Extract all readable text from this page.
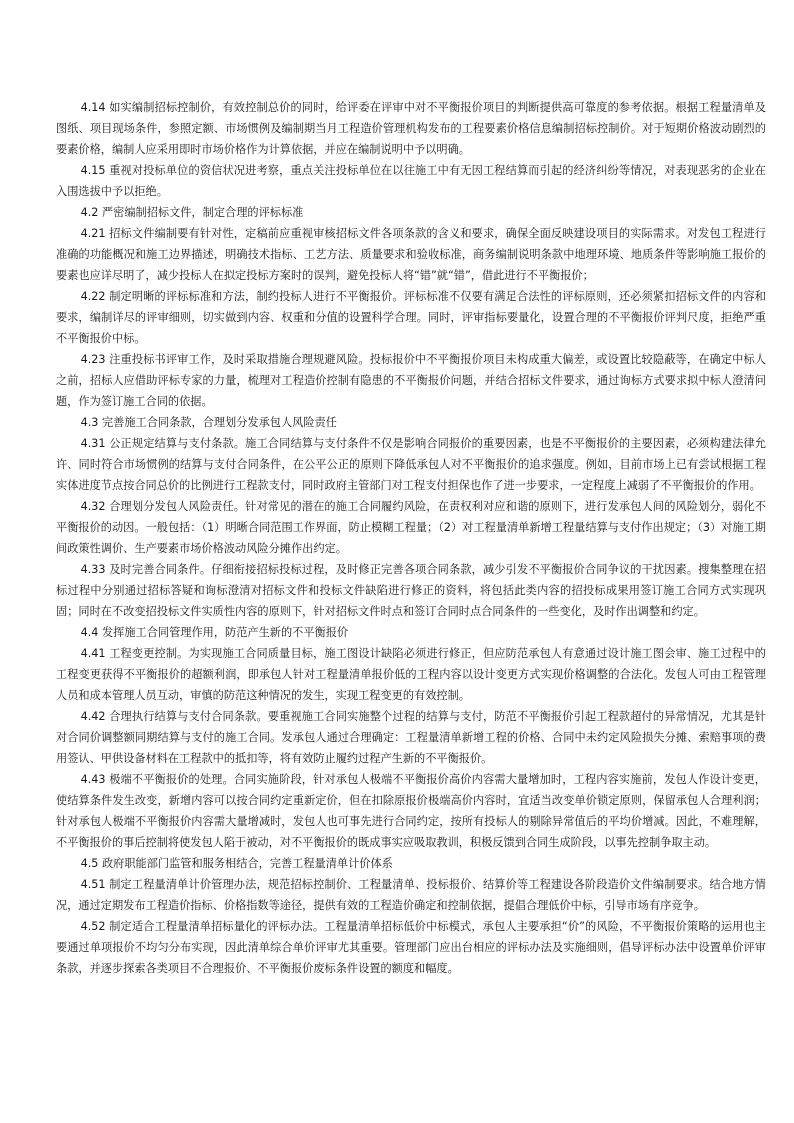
4.14 如实编制招标控制价，有效控制总价的同时，给评委在评审中对不平衡报价项目的判断提供高可靠度的参考依据。根据工程量清单及图纸、项目现场条件，参照定额、市场惯例及编制期当月工程造价管理机构发布的工程要素价格信息编制招标控制价。对于短期价格波动剧烈的要素价格，编制人应采用即时市场价格作为计算依据，并应在编制说明中予以明确。

4.15 重视对投标单位的资信状况进考察，重点关注投标单位在以往施工中有无因工程结算而引起的经济纠纷等情况，对表现恶劣的企业在入围选拔中予以拒绝。

4.2 严密编制招标文件，制定合理的评标标准

4.21 招标文件编制要有针对性，定稿前应重视审核招标文件各项条款的含义和要求，确保全面反映建设项目的实际需求。对发包工程进行准确的功能概况和施工边界描述，明确技术指标、工艺方法、质量要求和验收标准，商务编制说明条款中地理环境、地质条件等影响施工报价的要素也应详尽明了，减少投标人在拟定投标方案时的误判，避免投标人将“错”就“错”，借此进行不平衡报价；

4.22 制定明晰的评标标准和方法，制约投标人进行不平衡报价。评标标准不仅要有满足合法性的评标原则，还必须紧扣招标文件的内容和要求，编制详尽的评审细则，切实做到内容、权重和分值的设置科学合理。同时，评审指标要量化，设置合理的不平衡报价评判尺度，拒绝严重不平衡报价中标。

4.23 注重投标书评审工作，及时采取措施合理规避风险。投标报价中不平衡报价项目未构成重大偏差，或设置比较隐蔽等，在确定中标人之前，招标人应借助评标专家的力量，梳理对工程造价控制有隐患的不平衡报价问题，并结合招标文件要求，通过询标方式要求拟中标人澄清问题，作为签订施工合同的依据。

4.3 完善施工合同条款，合理划分发承包人风险责任

4.31 公正规定结算与支付条款。施工合同结算与支付条件不仅是影响合同报价的重要因素，也是不平衡报价的主要因素，必须构建法律允许、同时符合市场惯例的结算与支付合同条件，在公平公正的原则下降低承包人对不平衡报价的追求强度。例如，目前市场上已有尝试根据工程实体进度节点按合同总价的比例进行工程款支付，同时政府主管部门对工程支付担保也作了进一步要求，一定程度上减弱了不平衡报价的作用。

4.32 合理划分发包人风险责任。针对常见的潜在的施工合同履约风险，在责权利对应和谐的原则下，进行发承包人间的风险划分，弱化不平衡报价的动因。一般包括：（1）明晰合同范围工作界面，防止模糊工程量；（2）对工程量清单新增工程量结算与支付作出规定；（3）对施工期间政策性调价、生产要素市场价格波动风险分摊作出约定。

4.33 及时完善合同条件。仔细衔接招标投标过程，及时修正完善各项合同条款，减少引发不平衡报价合同争议的干扰因素。搜集整理在招标过程中分别通过招标答疑和询标澄清对招标文件和投标文件缺陷进行修正的资料，将包括此类内容的招投标成果用签订施工合同方式实现巩固；同时在不改变招投标文件实质性内容的原则下，针对招标文件时点和签订合同时点合同条件的一些变化，及时作出调整和约定。

4.4 发挥施工合同管理作用，防范产生新的不平衡报价

4.41 工程变更控制。为实现施工合同质量目标，施工图设计缺陷必须进行修正，但应防范承包人有意通过设计施工图会审、施工过程中的工程变更获得不平衡报价的超额利润，即承包人针对工程量清单报价低的工程内容以设计变更方式实现价格调整的合法化。发包人可由工程管理人员和成本管理人员互动，审慎的防范这种情况的发生，实现工程变更的有效控制。

4.42 合理执行结算与支付合同条款。要重视施工合同实施整个过程的结算与支付，防范不平衡报价引起工程款超付的异常情况，尤其是针对合同价调整额同期结算与支付的施工合同。发承包人通过合理确定：工程量清单新增工程的价格、合同中未约定风险损失分摊、索赔事项的费用签认、甲供设备材料在工程款中的抵扣等，将有效防止履约过程产生新的不平衡报价。

4.43 极端不平衡报价的处理。合同实施阶段，针对承包人极端不平衡报价高价内容需大量增加时，工程内容实施前，发包人作设计变更，使结算条件发生改变，新增内容可以按合同约定重新定价，但在扣除原报价极端高价内容时，宜适当改变单价锁定原则，保留承包人合理利润；针对承包人极端不平衡报价内容需大量增减时，发包人也可事先进行合同约定，按所有投标人的剔除异常值后的平均价增减。因此，不难理解，不平衡报价的事后控制将使发包人陷于被动，对不平衡报价的既成事实应吸取教训，积极反馈到合同生成阶段，以事先控制争取主动。

4.5 政府职能部门监管和服务相结合，完善工程量清单计价体系

4.51 制定工程量清单计价管理办法，规范招标控制价、工程量清单、投标报价、结算价等工程建设各阶段造价文件编制要求。结合地方情况，通过定期发布工程造价指标、价格指数等途径，提供有效的工程造价确定和控制依据，提倡合理低价中标，引导市场有序竞争。

4.52 制定适合工程量清单招标量化的评标办法。工程量清单招标低价中标模式，承包人主要承担“价”的风险，不平衡报价策略的运用也主要通过单项报价不均匀分布实现，因此清单综合单价评审尤其重要。管理部门应出台相应的评标办法及实施细则，倡导评标办法中设置单价评审条款，并逐步探索各类项目不合理报价、不平衡报价废标条件设置的额度和幅度。
